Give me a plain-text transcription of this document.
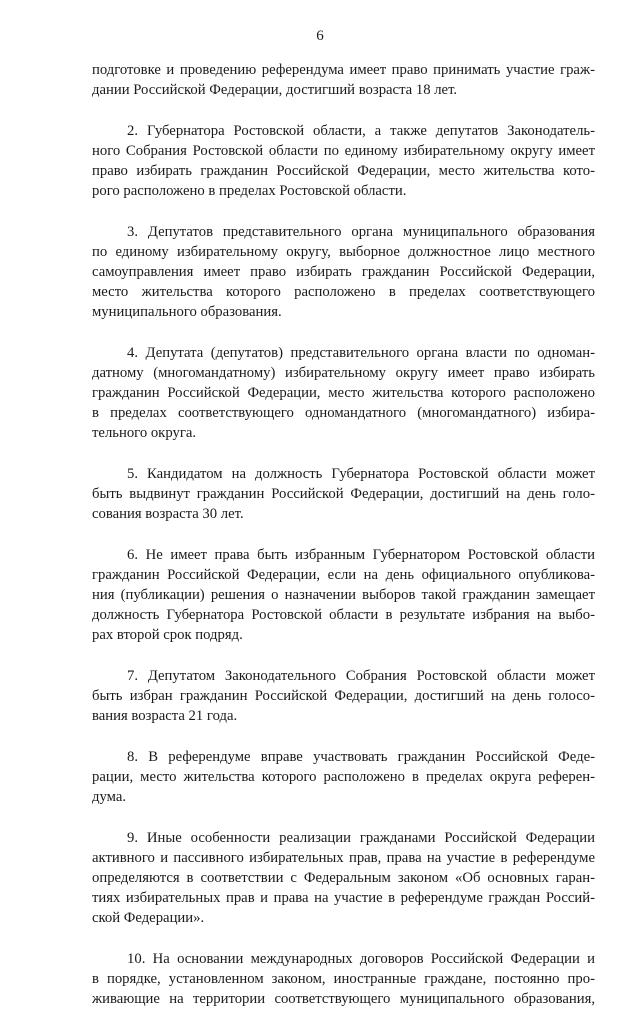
6
подготовке и проведению референдума имеет право принимать участие граж-
дании Российской Федерации, достигший возраста 18 лет.
2. Губернатора Ростовской области, а также депутатов Законодатель-
ного Собрания Ростовской области по единому избирательному округу имеет
право избирать гражданин Российской Федерации, место жительства кото-
рого расположено в пределах Ростовской области.
3. Депутатов представительного органа муниципального образования
по единому избирательному округу, выборное должностное лицо местного
самоуправления имеет право избирать гражданин Российской Федерации,
место жительства которого расположено в пределах соответствующего
муниципального образования.
4. Депутата (депутатов) представительного органа власти по одноман-
датному (многомандатному) избирательному округу имеет право избирать
гражданин Российской Федерации, место жительства которого расположено
в пределах соответствующего одномандатного (многомандатного) избира-
тельного округа.
5. Кандидатом на должность Губернатора Ростовской области может
быть выдвинут гражданин Российской Федерации, достигший на день голо-
сования возраста 30 лет.
6. Не имеет права быть избранным Губернатором Ростовской области
гражданин Российской Федерации, если на день официального опубликова-
ния (публикации) решения о назначении выборов такой гражданин замещает
должность Губернатора Ростовской области в результате избрания на выбо-
рах второй срок подряд.
7. Депутатом Законодательного Собрания Ростовской области может
быть избран гражданин Российской Федерации, достигший на день голосо-
вания возраста 21 года.
8. В референдуме вправе участвовать гражданин Российской Феде-
рации, место жительства которого расположено в пределах округа референ-
дума.
9. Иные особенности реализации гражданами Российской Федерации
активного и пассивного избирательных прав, права на участие в референдуме
определяются в соответствии с Федеральным законом «Об основных гаран-
тиях избирательных прав и права на участие в референдуме граждан Россий-
ской Федерации».
10. На основании международных договоров Российской Федерации и
в порядке, установленном законом, иностранные граждане, постоянно про-
живающие на территории соответствующего муниципального образования,
